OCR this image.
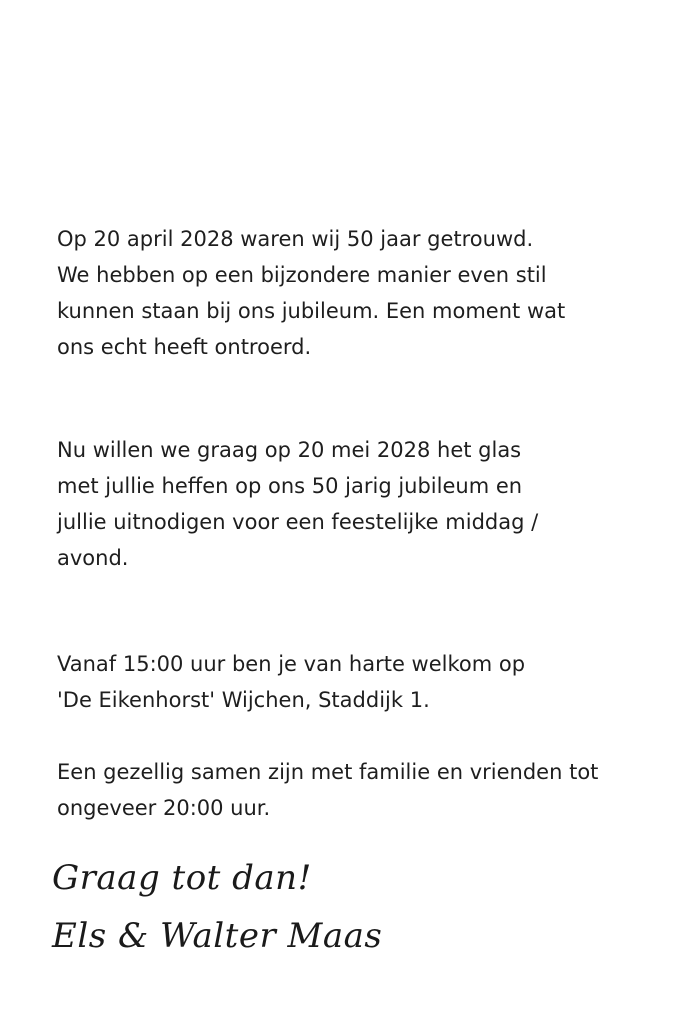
Op 20 april 2028 waren wij 50 jaar getrouwd.
We hebben op een bijzondere manier even stil
kunnen staan bij ons jubileum. Een moment wat
ons echt heeft ontroerd.

Nu willen we graag op 20 mei 2028 het glas
met jullie heffen op ons 50 jarig jubileum en
jullie uitnodigen voor een feestelijke middag /
avond.

Vanaf 15:00 uur ben je van harte welkom op
'De Eikenhorst' Wijchen, Staddijk 1.

Een gezellig samen zijn met familie en vrienden tot
ongeveer 20:00 uur.

Graag tot dan!

Els & Walter Maas
